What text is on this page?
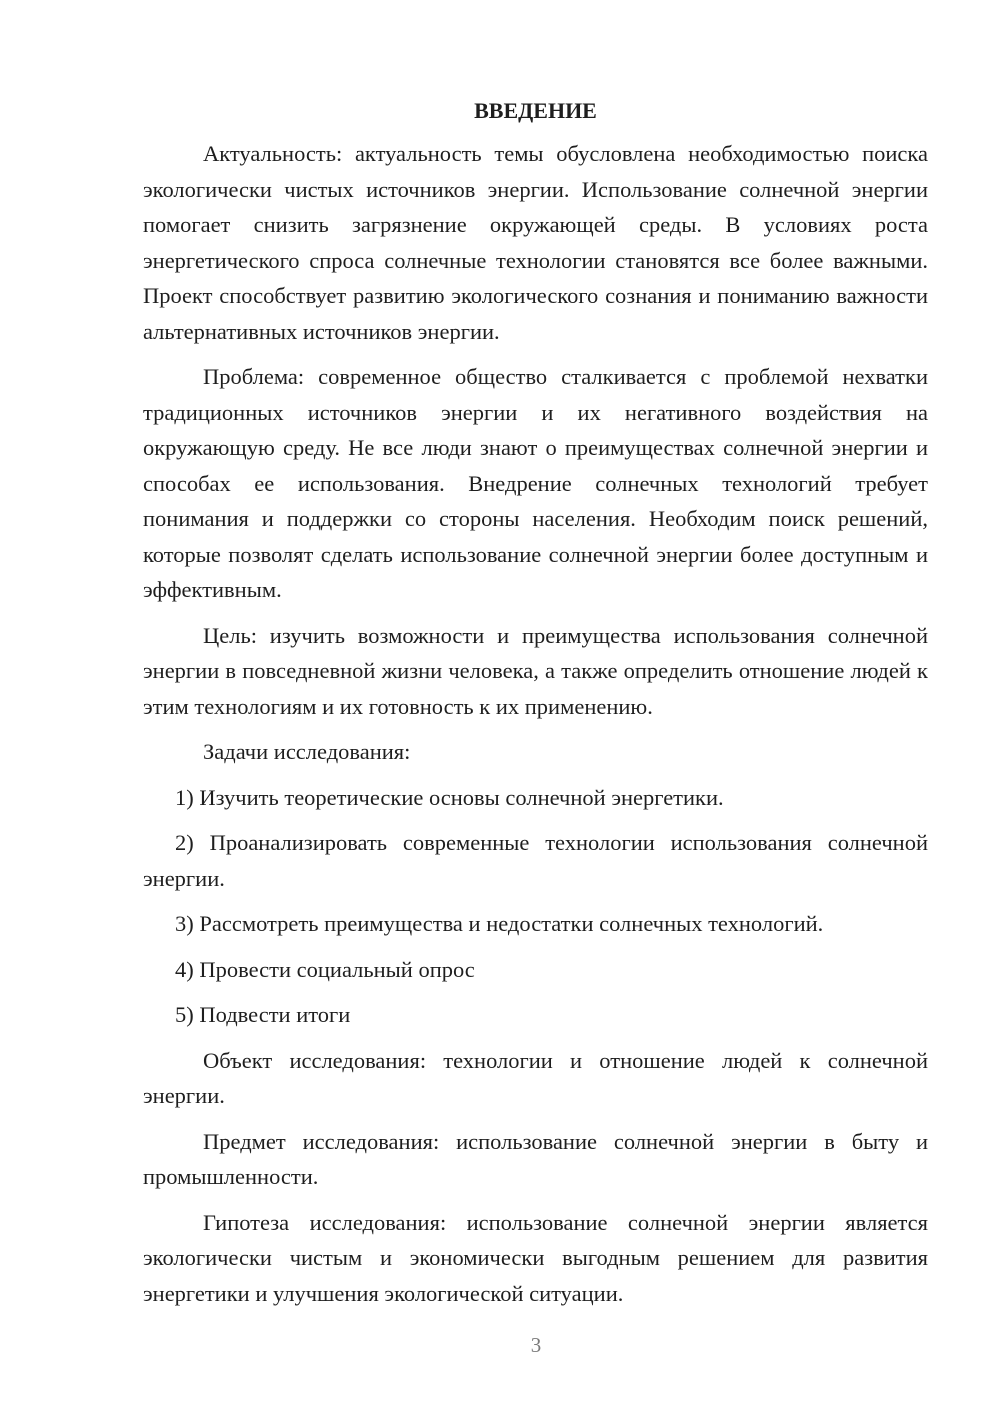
ВВЕДЕНИЕ

Актуальность: актуальность темы обусловлена необходимостью поиска экологически чистых источников энергии. Использование солнечной энергии помогает снизить загрязнение окружающей среды. В условиях роста энергетического спроса солнечные технологии становятся все более важными. Проект способствует развитию экологического сознания и пониманию важности альтернативных источников энергии.

Проблема: современное общество сталкивается с проблемой нехватки традиционных источников энергии и их негативного воздействия на окружающую среду. Не все люди знают о преимуществах солнечной энергии и способах ее использования. Внедрение солнечных технологий требует понимания и поддержки со стороны населения. Необходим поиск решений, которые позволят сделать использование солнечной энергии более доступным и эффективным.

Цель: изучить возможности и преимущества использования солнечной энергии в повседневной жизни человека, а также определить отношение людей к этим технологиям и их готовность к их применению.

Задачи исследования:

1) Изучить теоретические основы солнечной энергетики.

2) Проанализировать современные технологии использования солнечной энергии.

3) Рассмотреть преимущества и недостатки солнечных технологий.

4) Провести социальный опрос

5) Подвести итоги

Объект исследования: технологии и отношение людей к солнечной энергии.

Предмет исследования: использование солнечной энергии в быту и промышленности.

Гипотеза исследования: использование солнечной энергии является экологически чистым и экономически выгодным решением для развития энергетики и улучшения экологической ситуации.

3
